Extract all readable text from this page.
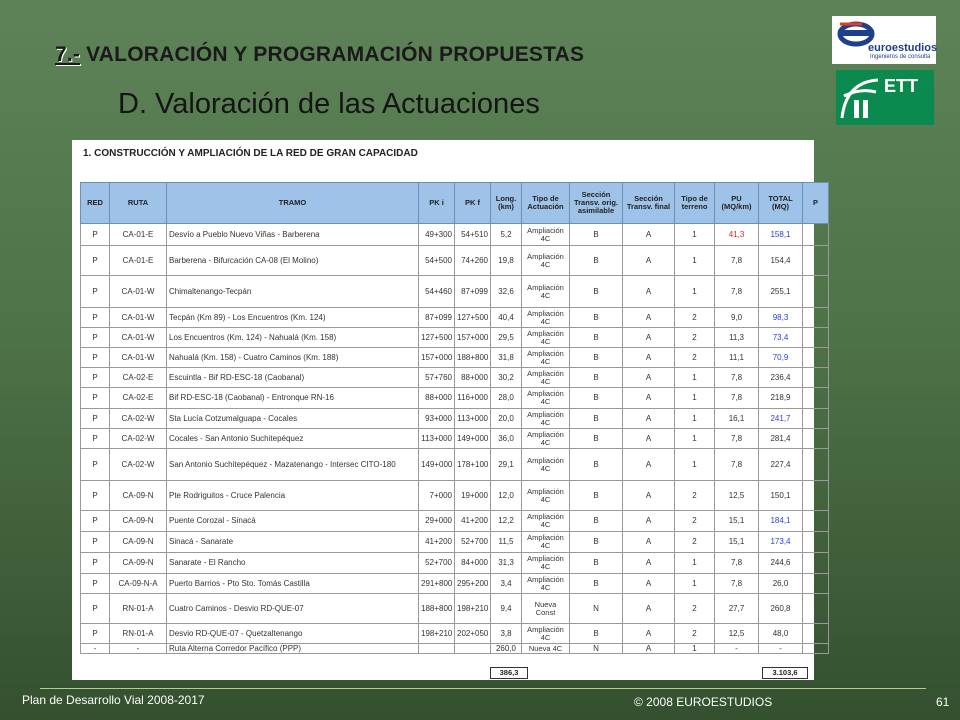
7.- VALORACIÓN Y PROGRAMACIÓN PROPUESTAS
D. Valoración de las Actuaciones
euroestudios
Ingenieros de consulta
ETT
1. CONSTRUCCIÓN Y AMPLIACIÓN DE LA RED DE GRAN CAPACIDAD
RED	RUTA	TRAMO	PK i	PK f	Long. (km)	Tipo de Actuación	Sección Transv. orig. asimilable	Sección Transv. final	Tipo de terreno	PU (MQ/km)	TOTAL (MQ)	P
P	CA-01-E	Desvío a Pueblo Nuevo Viñas - Barberena	49+300	54+510	5,2	Ampliación 4C	B	A	1	41,3	158,1	
P	CA-01-E	Barberena - Bifurcación CA-08 (El Molino)	54+500	74+260	19,8	Ampliación 4C	B	A	1	7,8	154,4	
P	CA-01-W	Chimaltenango-Tecpán	54+460	87+099	32,6	Ampliación 4C	B	A	1	7,8	255,1	
P	CA-01-W	Tecpán (Km 89) - Los Encuentros (Km. 124)	87+099	127+500	40,4	Ampliación 4C	B	A	2	9,0	98,3	
P	CA-01-W	Los Encuentros (Km. 124) - Nahualá (Km. 158)	127+500	157+000	29,5	Ampliación 4C	B	A	2	11,3	73,4	
P	CA-01-W	Nahualá (Km. 158) - Cuatro Caminos (Km. 188)	157+000	188+800	31,8	Ampliación 4C	B	A	2	11,1	70,9	
P	CA-02-E	Escuintla - Bif RD-ESC-18 (Caobanal)	57+760	88+000	30,2	Ampliación 4C	B	A	1	7,8	236,4	
P	CA-02-E	Bif RD-ESC-18 (Caobanal) - Entronque RN-16	88+000	116+000	28,0	Ampliación 4C	B	A	1	7,8	218,9	
P	CA-02-W	Sta Lucía Cotzumalguapa - Cocales	93+000	113+000	20,0	Ampliación 4C	B	A	1	16,1	241,7	
P	CA-02-W	Cocales - San Antonio Suchitepéquez	113+000	149+000	36,0	Ampliación 4C	B	A	1	7,8	281,4	
P	CA-02-W	San Antonio Suchitepéquez - Mazatenango - Intersec CITO-180	149+000	178+100	29,1	Ampliación 4C	B	A	1	7,8	227,4	
P	CA-09-N	Pte Rodriguitos - Cruce Palencia	7+000	19+000	12,0	Ampliación 4C	B	A	2	12,5	150,1	
P	CA-09-N	Puente Corozal - Sinacá	29+000	41+200	12,2	Ampliación 4C	B	A	2	15,1	184,1	
P	CA-09-N	Sinacá - Sanarate	41+200	52+700	11,5	Ampliación 4C	B	A	2	15,1	173,4	
P	CA-09-N	Sanarate - El Rancho	52+700	84+000	31,3	Ampliación 4C	B	A	1	7,8	244,6	
P	CA-09-N-A	Puerto Barrios - Pto Sto. Tomás Castilla	291+800	295+200	3,4	Ampliación 4C	B	A	1	7,8	26,0	
P	RN-01-A	Cuatro Caminos - Desvio RD-QUE-07	188+800	198+210	9,4	Nueva Const	N	A	2	27,7	260,8	
P	RN-01-A	Desvio RD-QUE-07 - Quetzaltenango	198+210	202+050	3,8	Ampliación 4C	B	A	2	12,5	48,0	
-	-	Ruta Alterna Corredor Pacífico (PPP)			260,0	Nueva 4C	N	A	1	-	-	
386,3	3.103,6
Plan de Desarrollo Vial 2008-2017	© 2008 EUROESTUDIOS	61
